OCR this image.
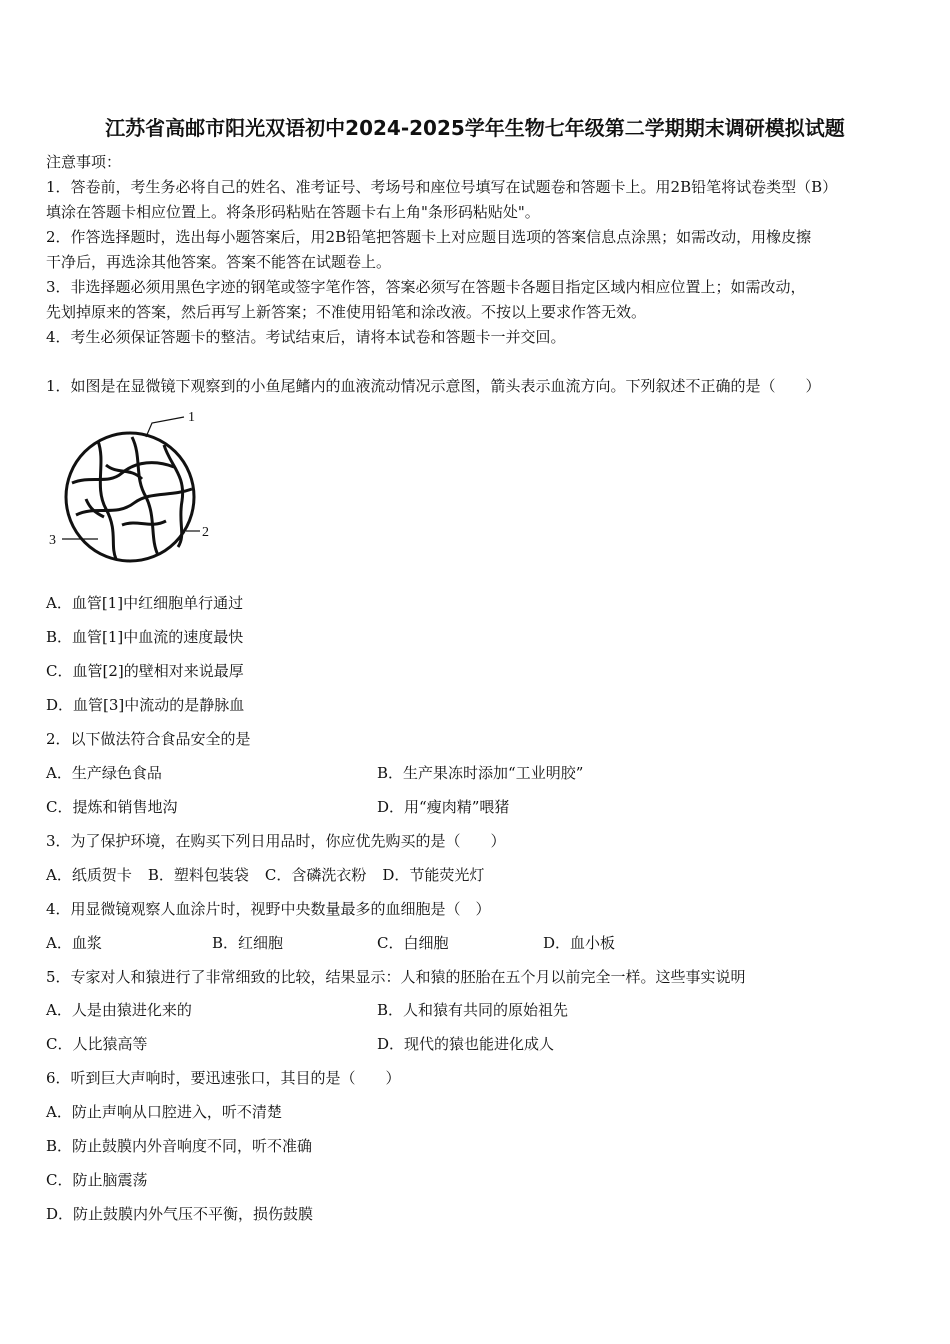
江苏省高邮市阳光双语初中2024-2025学年生物七年级第二学期期末调研模拟试题
注意事项：
1．答卷前，考生务必将自己的姓名、准考证号、考场号和座位号填写在试题卷和答题卡上。用2B铅笔将试卷类型（B）
填涂在答题卡相应位置上。将条形码粘贴在答题卡右上角"条形码粘贴处"。
2．作答选择题时，选出每小题答案后，用2B铅笔把答题卡上对应题目选项的答案信息点涂黑；如需改动，用橡皮擦
干净后，再选涂其他答案。答案不能答在试题卷上。
3．非选择题必须用黑色字迹的钢笔或签字笔作答，答案必须写在答题卡各题目指定区域内相应位置上；如需改动，
先划掉原来的答案，然后再写上新答案；不准使用铅笔和涂改液。不按以上要求作答无效。
4．考生必须保证答题卡的整洁。考试结束后，请将本试卷和答题卡一并交回。
1．如图是在显微镜下观察到的小鱼尾鳍内的血液流动情况示意图，箭头表示血流方向。下列叙述不正确的是（　　）
1
2
3
A．血管[1]中红细胞单行通过
B．血管[1]中血流的速度最快
C．血管[2]的壁相对来说最厚
D．血管[3]中流动的是静脉血
2．以下做法符合食品安全的是
A．生产绿色食品	B．生产果冻时添加“工业明胶”
C．提炼和销售地沟	D．用“瘦肉精”喂猪
3．为了保护环境，在购买下列日用品时，你应优先购买的是（　　）
A．纸质贺卡 B．塑料包装袋 C．含磷洗衣粉 D．节能荧光灯
4．用显微镜观察人血涂片时，视野中央数量最多的血细胞是（　）
A．血浆	B．红细胞	C．白细胞	D．血小板
5．专家对人和猿进行了非常细致的比较，结果显示：人和猿的胚胎在五个月以前完全一样。这些事实说明
A．人是由猿进化来的	B．人和猿有共同的原始祖先
C．人比猿高等	D．现代的猿也能进化成人
6．听到巨大声响时，要迅速张口，其目的是（　　）
A．防止声响从口腔进入，听不清楚
B．防止鼓膜内外音响度不同，听不准确
C．防止脑震荡
D．防止鼓膜内外气压不平衡，损伤鼓膜
